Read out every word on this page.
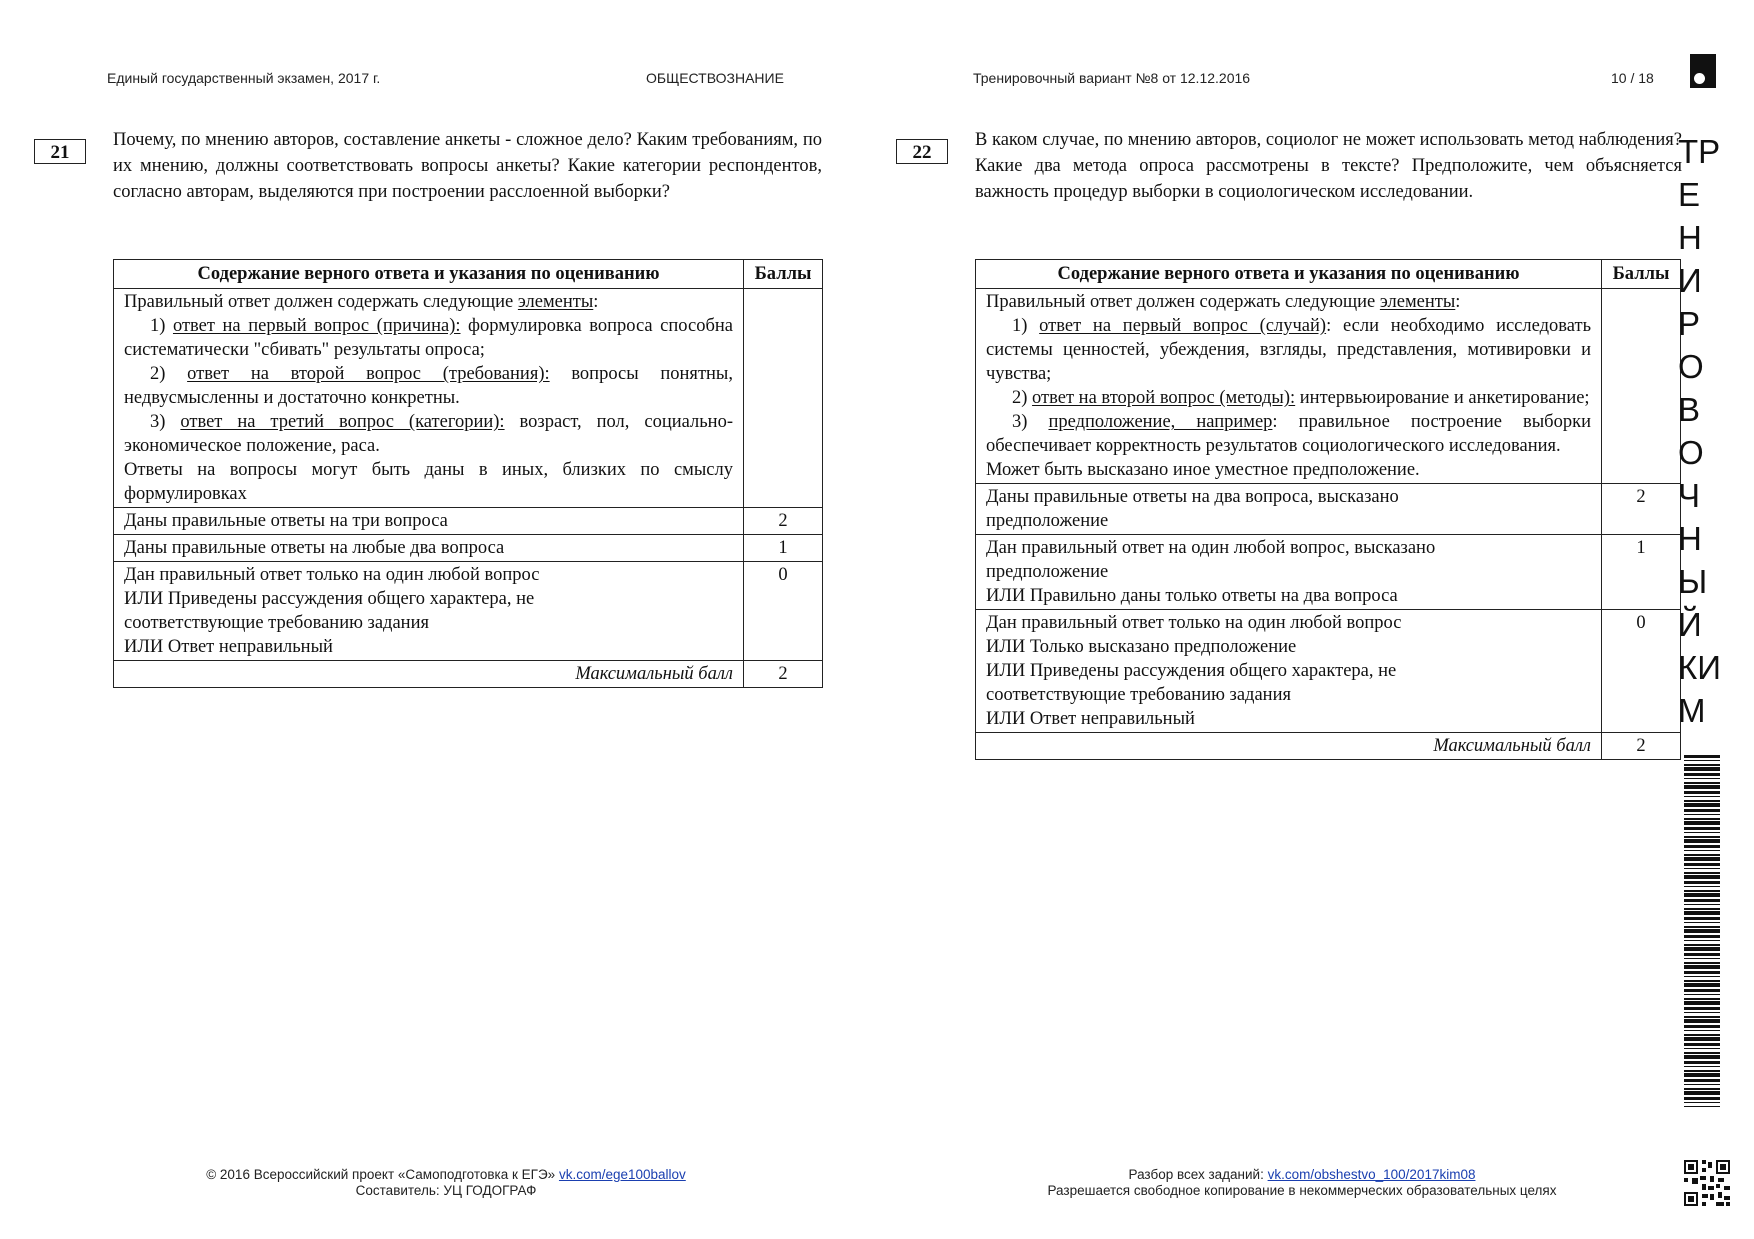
Единый государственный экзамен, 2017 г.	ОБЩЕСТВОЗНАНИЕ	Тренировочный вариант №8 от 12.12.2016	10 / 18
21
Почему, по мнению авторов, составление анкеты - сложное дело? Каким требованиям, по их мнению, должны соответствовать вопросы анкеты? Какие категории респондентов, согласно авторам, выделяются при построении расслоенной выборки?
Содержание верного ответа и указания по оцениванию	Баллы

Правильный ответ должен содержать следующие элементы:
1) ответ на первый вопрос (причина): формулировка вопроса способна систематически "сбивать" результаты опроса;
2) ответ на второй вопрос (требования): вопросы понятны, недвусмысленны и достаточно конкретны.
3) ответ на третий вопрос (категории): возраст, пол, социально-экономическое положение, раса.
Ответы на вопросы могут быть даны в иных, близких по смыслу формулировках	

Даны правильные ответы на три вопроса	2

Даны правильные ответы на любые два вопроса	1

Дан правильный ответ только на один любой вопрос
ИЛИ Приведены рассуждения общего характера, не
соответствующие требованию задания
ИЛИ Ответ неправильный	0
Максимальный балл	2
22
В каком случае, по мнению авторов, социолог не может использовать метод наблюдения? Какие два метода опроса рассмотрены в тексте? Предположите, чем объясняется важность процедур выборки в социологическом исследовании.
Содержание верного ответа и указания по оцениванию	Баллы

Правильный ответ должен содержать следующие элементы:
1) ответ на первый вопрос (случай): если необходимо исследовать системы ценностей, убеждения, взгляды, представления, мотивировки и чувства;
2) ответ на второй вопрос (методы): интервьюирование и анкетирование;
3) предположение, например: правильное построение выборки обеспечивает корректность результатов социологического исследования.
Может быть высказано иное уместное предположение.	

Даны правильные ответы на два вопроса, высказано
предположение	2

Дан правильный ответ на один любой вопрос, высказано
предположение
ИЛИ Правильно даны только ответы на два вопроса	1

Дан правильный ответ только на один любой вопрос
ИЛИ Только высказано предположение
ИЛИ Приведены рассуждения общего характера, не
соответствующие требованию задания
ИЛИ Ответ неправильный	0
Максимальный балл	2
ТР
Е
Н
И
Р
О
В
О
Ч
Н
Ы
Й
КИ
М
© 2016 Всероссийский проект «Самоподготовка к ЕГЭ» vk.com/ege100ballov
Составитель: УЦ ГОДОГРАФ
Разбор всех заданий: vk.com/obshestvo_100/2017kim08
Разрешается свободное копирование в некоммерческих образовательных целях
